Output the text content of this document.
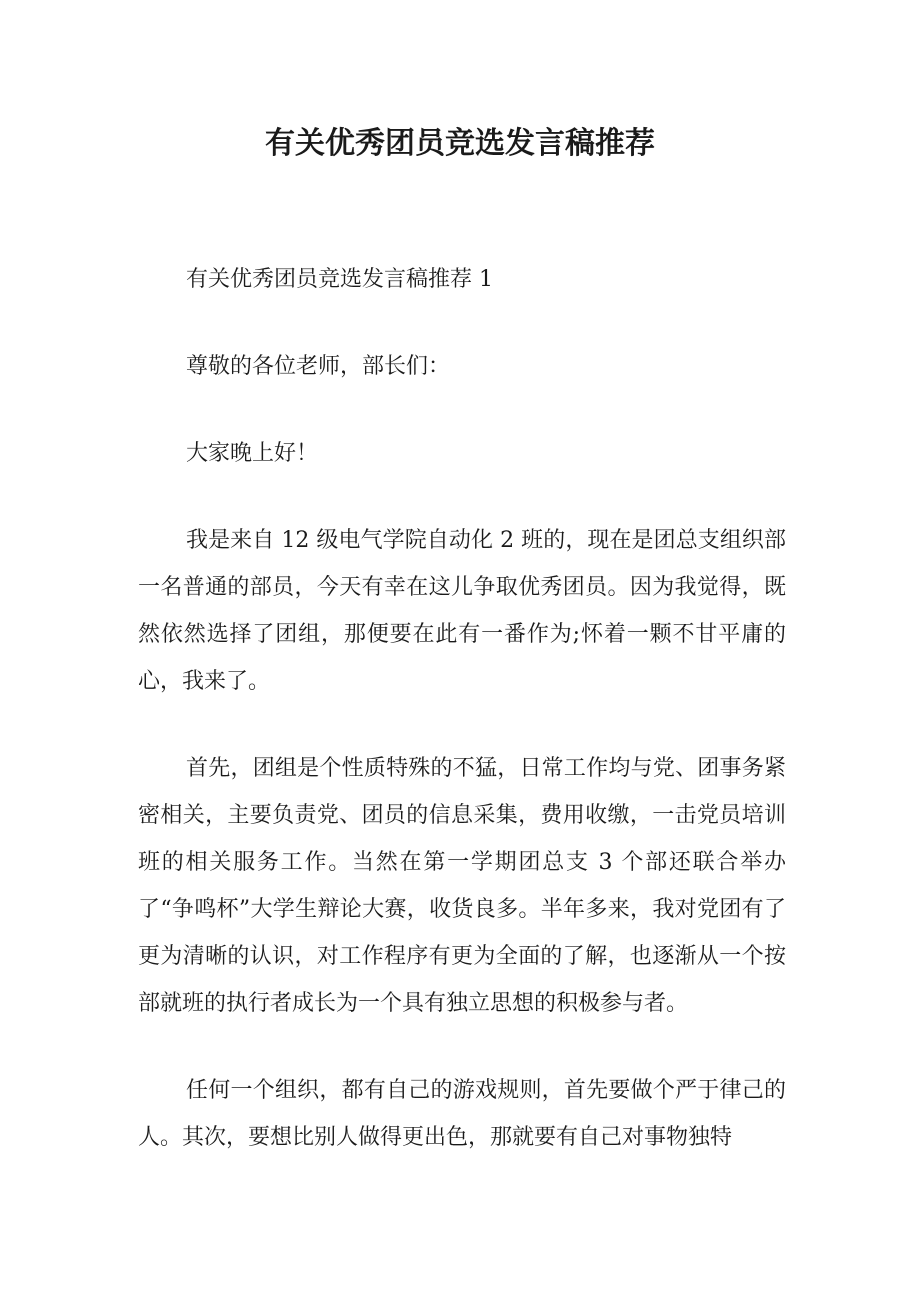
有关优秀团员竞选发言稿推荐

有关优秀团员竞选发言稿推荐 1

尊敬的各位老师，部长们：

大家晚上好！

我是来自 12 级电气学院自动化 2 班的，现在是团总支组织部一名普通的部员，今天有幸在这儿争取优秀团员。因为我觉得，既然依然选择了团组，那便要在此有一番作为;怀着一颗不甘平庸的心，我来了。

首先，团组是个性质特殊的不猛，日常工作均与党、团事务紧密相关，主要负责党、团员的信息采集，费用收缴，一击党员培训班的相关服务工作。当然在第一学期团总支 3 个部还联合举办了“争鸣杯”大学生辩论大赛，收货良多。半年多来，我对党团有了更为清晰的认识，对工作程序有更为全面的了解，也逐渐从一个按部就班的执行者成长为一个具有独立思想的积极参与者。

任何一个组织，都有自己的游戏规则，首先要做个严于律己的人。其次，要想比别人做得更出色，那就要有自己对事物独特
